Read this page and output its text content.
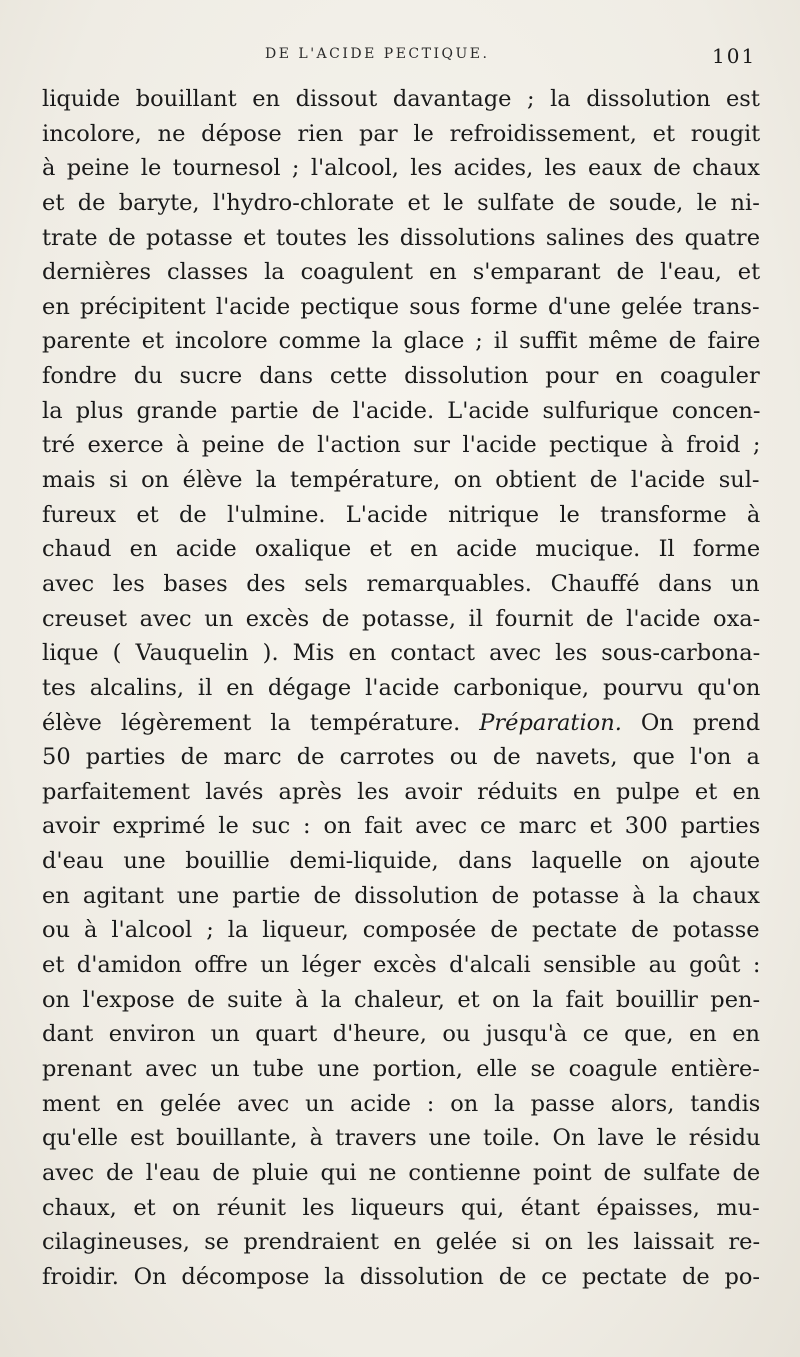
DE L'ACIDE PECTIQUE.	101
liquide bouillant en dissout davantage ; la dissolution est
incolore, ne dépose rien par le refroidissement, et rougit
à peine le tournesol ; l'alcool, les acides, les eaux de chaux
et de baryte, l'hydro-chlorate et le sulfate de soude, le ni-
trate de potasse et toutes les dissolutions salines des quatre
dernières classes la coagulent en s'emparant de l'eau, et
en précipitent l'acide pectique sous forme d'une gelée trans-
parente et incolore comme la glace ; il suffit même de faire
fondre du sucre dans cette dissolution pour en coaguler
la plus grande partie de l'acide. L'acide sulfurique concen-
tré exerce à peine de l'action sur l'acide pectique à froid ;
mais si on élève la température, on obtient de l'acide sul-
fureux et de l'ulmine. L'acide nitrique le transforme à
chaud en acide oxalique et en acide mucique. Il forme
avec les bases des sels remarquables. Chauffé dans un
creuset avec un excès de potasse, il fournit de l'acide oxa-
lique ( Vauquelin ). Mis en contact avec les sous-carbona-
tes alcalins, il en dégage l'acide carbonique, pourvu qu'on
élève légèrement la température. Préparation. On prend
50 parties de marc de carrotes ou de navets, que l'on a
parfaitement lavés après les avoir réduits en pulpe et en
avoir exprimé le suc : on fait avec ce marc et 300 parties
d'eau une bouillie demi-liquide, dans laquelle on ajoute
en agitant une partie de dissolution de potasse à la chaux
ou à l'alcool ; la liqueur, composée de pectate de potasse
et d'amidon offre un léger excès d'alcali sensible au goût :
on l'expose de suite à la chaleur, et on la fait bouillir pen-
dant environ un quart d'heure, ou jusqu'à ce que, en en
prenant avec un tube une portion, elle se coagule entière-
ment en gelée avec un acide : on la passe alors, tandis
qu'elle est bouillante, à travers une toile. On lave le résidu
avec de l'eau de pluie qui ne contienne point de sulfate de
chaux, et on réunit les liqueurs qui, étant épaisses, mu-
cilagineuses, se prendraient en gelée si on les laissait re-
froidir. On décompose la dissolution de ce pectate de po-
